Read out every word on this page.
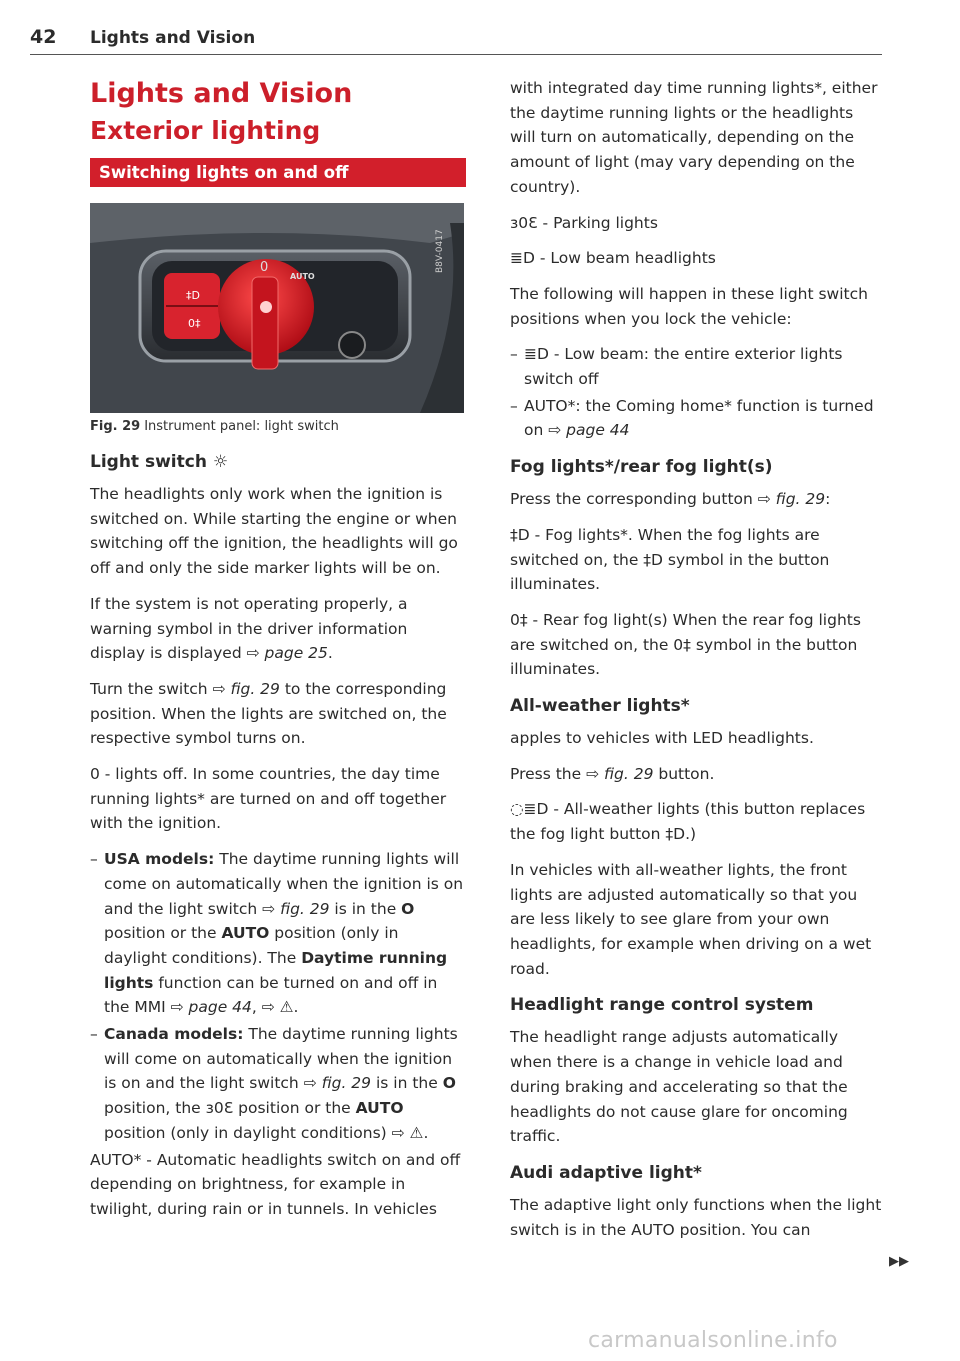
42 Lights and Vision
Lights and Vision
Exterior lighting
Switching lights on and off
‡D
0‡
0
AUTO
B8V-0417
Fig. 29 Instrument panel: light switch
Light switch ☼

The headlights only work when the ignition is switched on. While starting the engine or when switching off the ignition, the headlights will go off and only the side marker lights will be on.

If the system is not operating properly, a warning symbol in the driver information display is displayed ⇨ page 25.

Turn the switch ⇨ fig. 29 to the corresponding position. When the lights are switched on, the respective symbol turns on.

0 - lights off. In some countries, the day time running lights* are turned on and off together with the ignition.

– USA models: The daytime running lights will come on automatically when the ignition is on and the light switch ⇨ fig. 29 is in the O position or the AUTO position (only in daylight conditions). The Daytime running lights function can be turned on and off in the MMI ⇨ page 44, ⇨ ⚠.

– Canada models: The daytime running lights will come on automatically when the ignition is on and the light switch ⇨ fig. 29 is in the O position, the ɜ0Ɛ position or the AUTO position (only in daylight conditions) ⇨ ⚠.

AUTO* - Automatic headlights switch on and off depending on brightness, for example in twilight, during rain or in tunnels. In vehicles

with integrated day time running lights*, either the daytime running lights or the headlights will turn on automatically, depending on the amount of light (may vary depending on the country).

ɜ0Ɛ - Parking lights

≣D - Low beam headlights

The following will happen in these light switch positions when you lock the vehicle:

– ≣D - Low beam: the entire exterior lights switch off

– AUTO*: the Coming home* function is turned on ⇨ page 44

Fog lights*/rear fog light(s)

Press the corresponding button ⇨ fig. 29:

‡D - Fog lights*. When the fog lights are switched on, the ‡D symbol in the button illuminates.

0‡ - Rear fog light(s) When the rear fog lights are switched on, the 0‡ symbol in the button illuminates.

All-weather lights*

apples to vehicles with LED headlights.

Press the ⇨ fig. 29 button.

◌≣D - All-weather lights (this button replaces the fog light button ‡D.)

In vehicles with all-weather lights, the front lights are adjusted automatically so that you are less likely to see glare from your own headlights, for example when driving on a wet road.

Headlight range control system

The headlight range adjusts automatically when there is a change in vehicle load and during braking and accelerating so that the headlights do not cause glare for oncoming traffic.

Audi adaptive light*

The adaptive light only functions when the light switch is in the AUTO position. You can

▶▶
carmanualsonline.info
